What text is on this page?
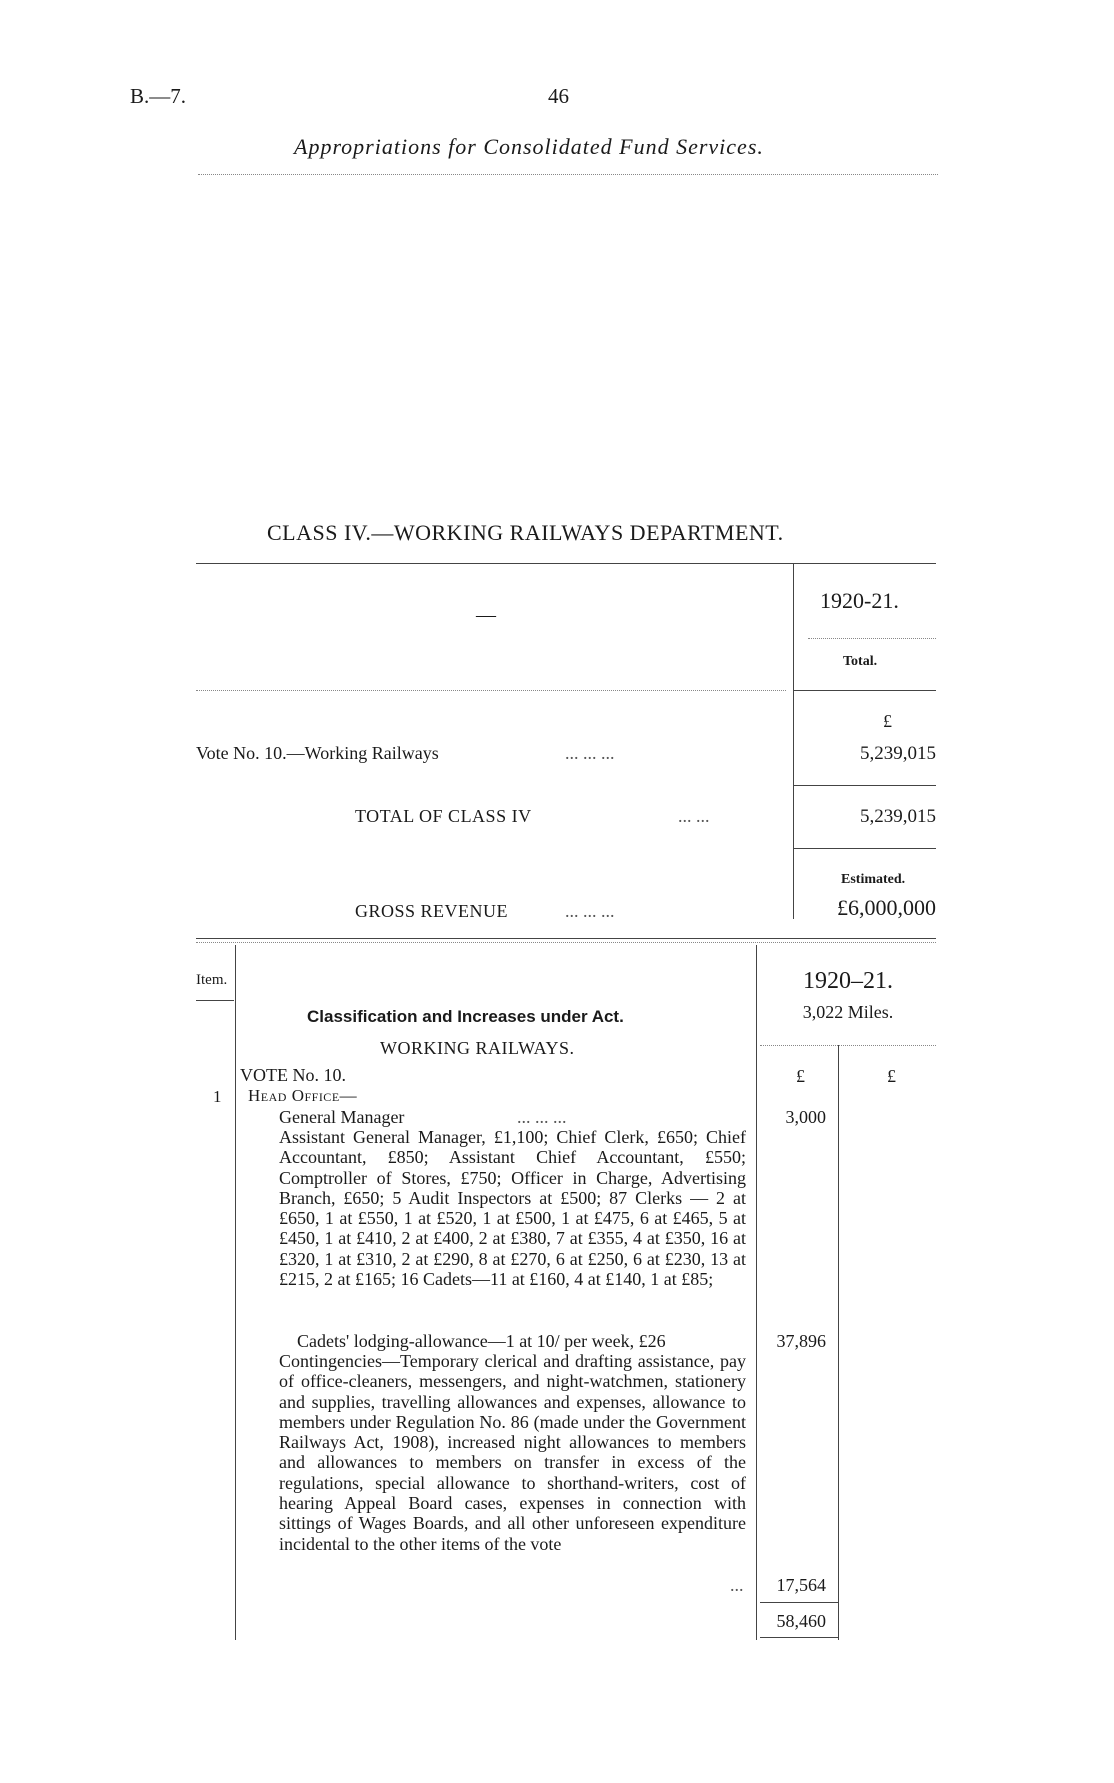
B.—7.	46
Appropriations for Consolidated Fund Services.
CLASS IV.—WORKING RAILWAYS DEPARTMENT.
—
1920-21.
Total.
£
Vote No. 10.—Working Railways	... ... ...	5,239,015
TOTAL OF CLASS IV	... ...	5,239,015
Estimated.
GROSS REVENUE	... ... ...	£6,000,000
Item.	1920–21.
3,022 Miles.
Classification and Increases under Act.
WORKING RAILWAYS.
VOTE No. 10.	£	£
1 Head Office—
General Manager	... ... ...	3,000
Assistant General Manager, £1,100; Chief Clerk, £650; Chief Accountant, £850; Assistant Chief Accountant, £550; Comptroller of Stores, £750; Officer in Charge, Advertising Branch, £650; 5 Audit Inspectors at £500; 87 Clerks — 2 at £650, 1 at £550, 1 at £520, 1 at £500, 1 at £475, 6 at £465, 5 at £450, 1 at £410, 2 at £400, 2 at £380, 7 at £355, 4 at £350, 16 at £320, 1 at £310, 2 at £290, 8 at £270, 6 at £250, 6 at £230, 13 at £215, 2 at £165; 16 Cadets—11 at £160, 4 at £140, 1 at £85;
Cadets' lodging-allowance—1 at 10/ per week, £26	37,896
Contingencies—Temporary clerical and drafting assistance, pay of office-cleaners, messengers, and night-watchmen, stationery and supplies, travelling allowances and expenses, allowance to members under Regulation No. 86 (made under the Government Railways Act, 1908), increased night allowances to members and allowances to members on transfer in excess of the regulations, special allowance to shorthand-writers, cost of hearing Appeal Board cases, expenses in connection with sittings of Wages Boards, and all other unforeseen expenditure incidental to the other items of the vote
...	17,564
58,460
